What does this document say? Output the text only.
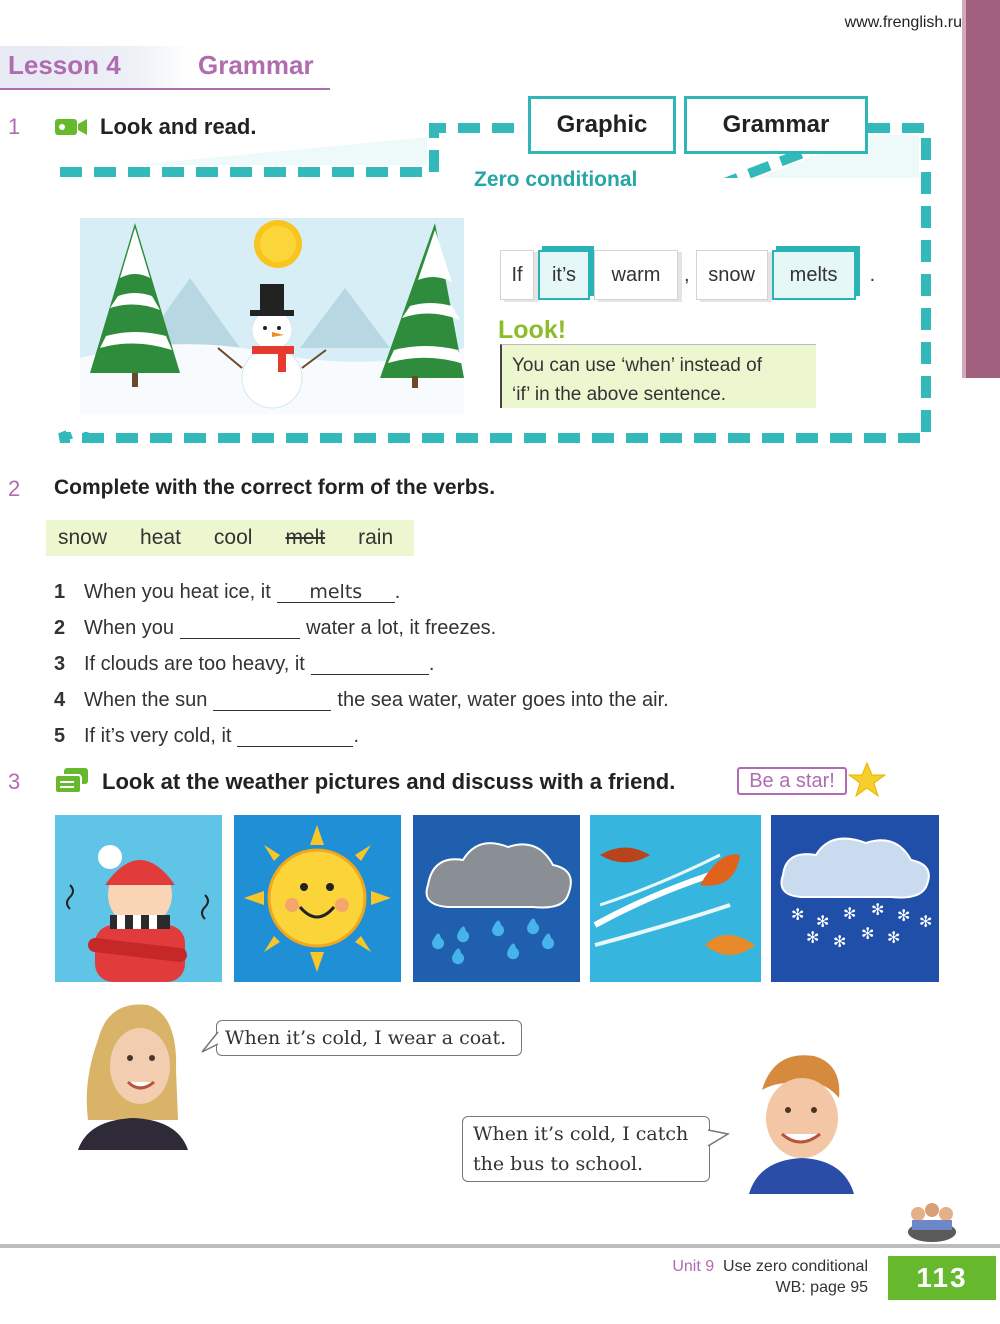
www.frenglish.ru
Lesson 4	Grammar
1	Look and read.	Graphic	Grammar
Zero conditional
If	it’s	warm	, snow	melts	.
Look!
You can use ‘when’ instead of
‘if’ in the above sentence.
2 Complete with the correct form of the verbs.
snow heat cool melt rain
1 When you heat ice, it	melts	.
2 When you	water a lot, it freezes.
3 If clouds are too heavy, it	.
4 When the sun	the sea water, water goes into the air.
5 If it’s very cold, it	.
3	Look at the weather pictures and discuss with a friend.	Be a star!
✻ ✻ ✻ ✻ ✻ ✻
✻ ✻ ✻ ✻
When it’s cold, I wear a coat.
When it’s cold, I catch
the bus to school.
Unit 9 Use zero conditional
WB: page 95	113
